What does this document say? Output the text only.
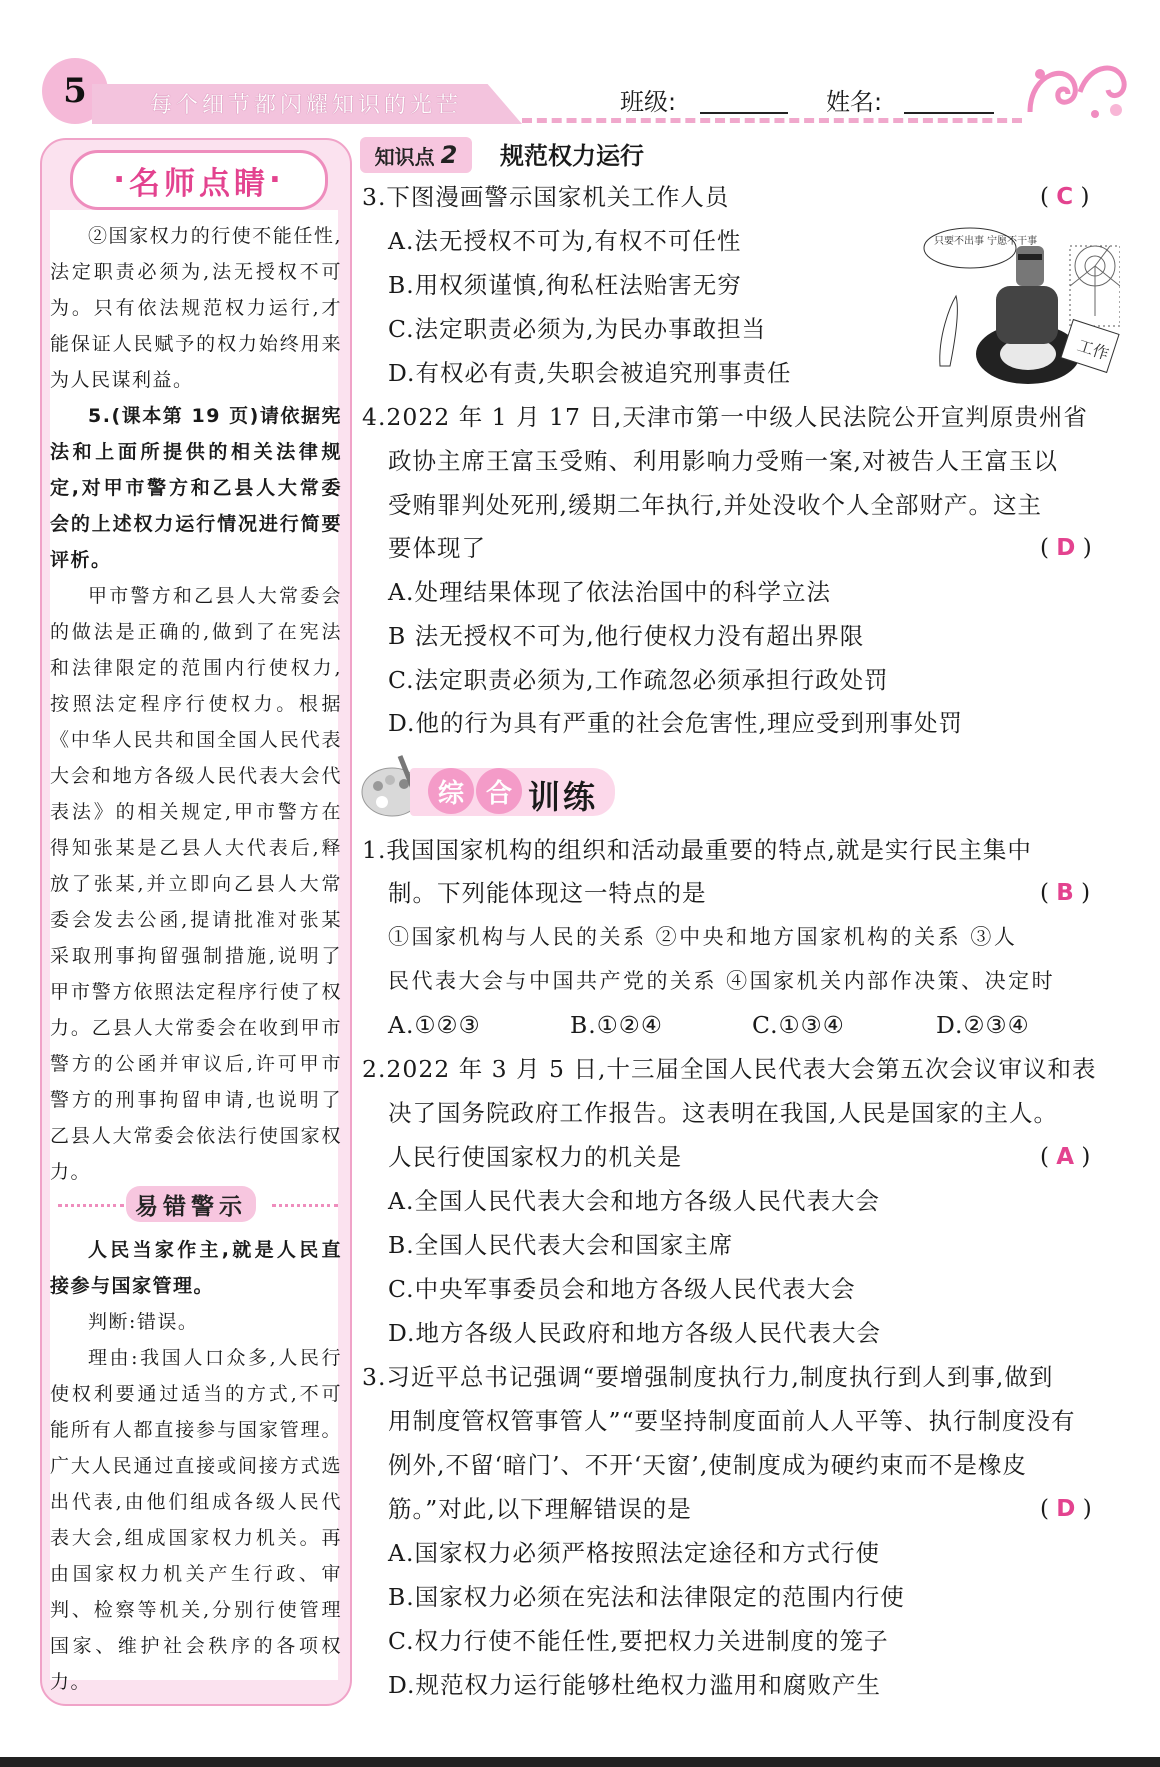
5	每个细节都闪耀知识的光芒	班级:	姓名:
· 名师点睛 ·

②国家权力的行使不能任性,法定职责必须为,法无授权不可为。只有依法规范权力运行,才能保证人民赋予的权力始终用来为人民谋利益。

5.(课本第 19 页)请依据宪法和上面所提供的相关法律规定,对甲市警方和乙县人大常委会的上述权力运行情况进行简要评析。

甲市警方和乙县人大常委会的做法是正确的,做到了在宪法和法律限定的范围内行使权力,按照法定程序行使权力。根据《中华人民共和国全国人民代表大会和地方各级人民代表大会代表法》的相关规定,甲市警方在得知张某是乙县人大代表后,释放了张某,并立即向乙县人大常委会发去公函,提请批准对张某采取刑事拘留强制措施,说明了甲市警方依照法定程序行使了权力。乙县人大常委会在收到甲市警方的公函并审议后,许可甲市警方的刑事拘留申请,也说明了乙县人大常委会依法行使国家权力。

易错警示

人民当家作主,就是人民直接参与国家管理。

判断:错误。

理由:我国人口众多,人民行使权利要通过适当的方式,不可能所有人都直接参与国家管理。广大人民通过直接或间接方式选出代表,由他们组成各级人民代表大会,组成国家权力机关。再由国家权力机关产生行政、审判、检察等机关,分别行使管理国家、维护社会秩序的各项权力。

知识点 2 规范权力运行
3.下图漫画警示国家机关工作人员	( C )
A.法无授权不可为,有权不可任性
B.用权须谨慎,徇私枉法贻害无穷
C.法定职责必须为,为民办事敢担当
D.有权必有责,失职会被追究刑事责任
工作
只要不出事 宁愿不干事
4.2022 年 1 月 17 日,天津市第一中级人民法院公开宣判原贵州省
政协主席王富玉受贿、利用影响力受贿一案,对被告人王富玉以
受贿罪判处死刑,缓期二年执行,并处没收个人全部财产。这主
要体现了	( D )
A.处理结果体现了依法治国中的科学立法
B 法无授权不可为,他行使权力没有超出界限
C.法定职责必须为,工作疏忽必须承担行政处罚
D.他的行为具有严重的社会危害性,理应受到刑事处罚
综 合 训练
1.我国国家机构的组织和活动最重要的特点,就是实行民主集中
制。下列能体现这一特点的是	( B )
①国家机构与人民的关系 ②中央和地方国家机构的关系 ③人
民代表大会与中国共产党的关系 ④国家机关内部作决策、决定时
A.①②③	B.①②④	C.①③④	D.②③④
2.2022 年 3 月 5 日,十三届全国人民代表大会第五次会议审议和表
决了国务院政府工作报告。这表明在我国,人民是国家的主人。
人民行使国家权力的机关是	( A )
A.全国人民代表大会和地方各级人民代表大会
B.全国人民代表大会和国家主席
C.中央军事委员会和地方各级人民代表大会
D.地方各级人民政府和地方各级人民代表大会
3.习近平总书记强调“要增强制度执行力,制度执行到人到事,做到
用制度管权管事管人”“要坚持制度面前人人平等、执行制度没有
例外,不留‘暗门’、不开‘天窗’,使制度成为硬约束而不是橡皮
筋。”对此,以下理解错误的是	( D )
A.国家权力必须严格按照法定途径和方式行使
B.国家权力必须在宪法和法律限定的范围内行使
C.权力行使不能任性,要把权力关进制度的笼子
D.规范权力运行能够杜绝权力滥用和腐败产生
